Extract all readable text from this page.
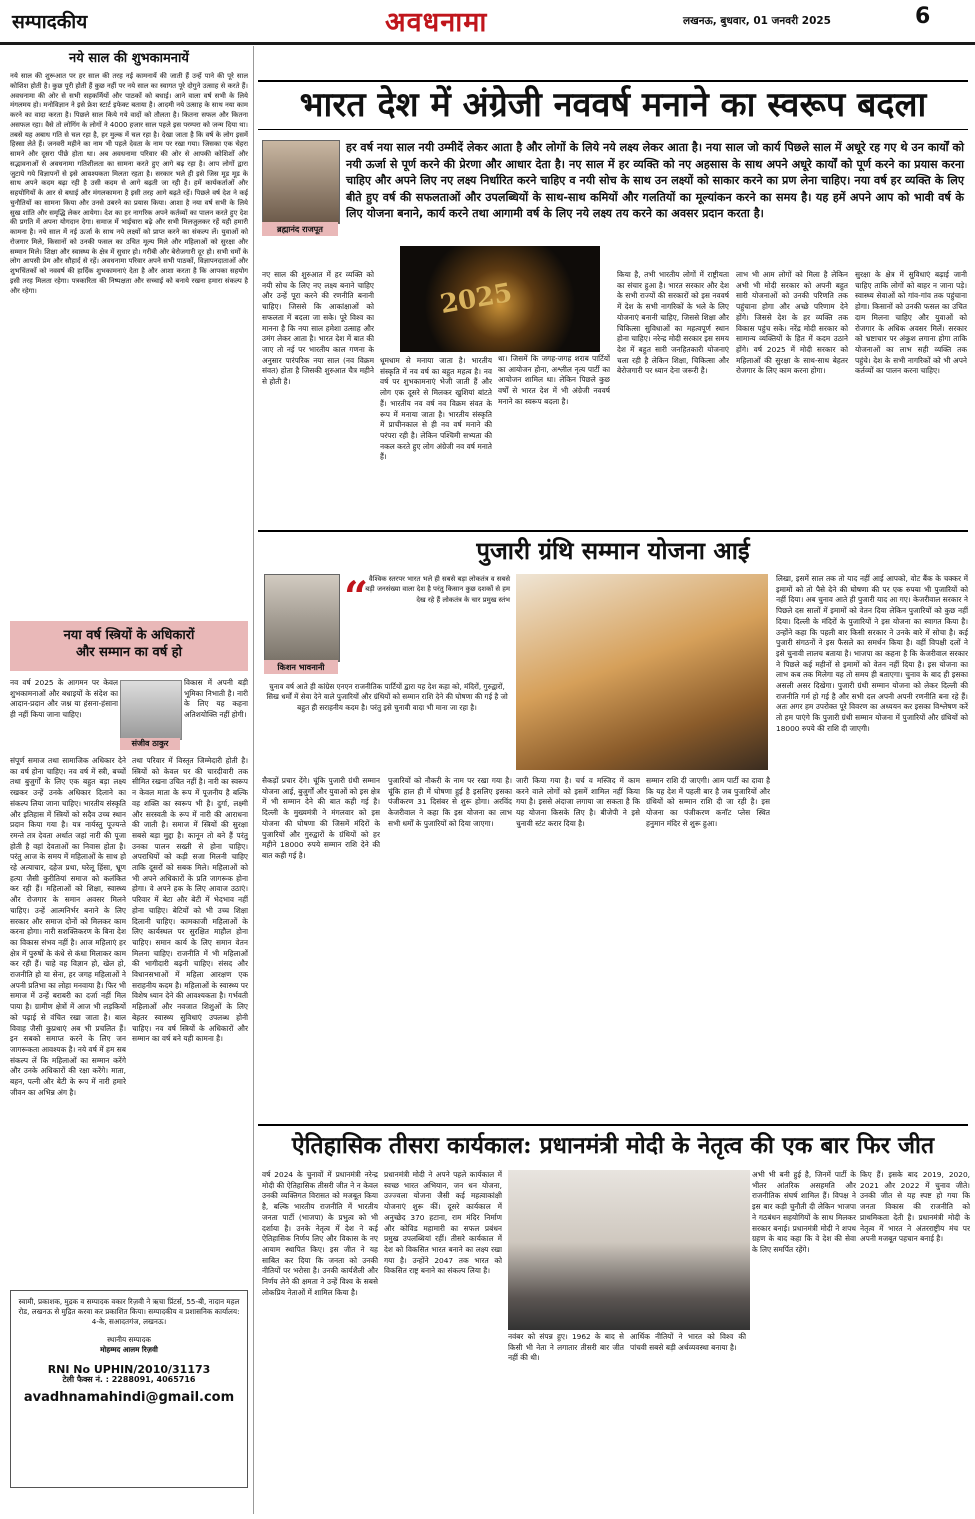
सम्पादकीय	अवधनामा	लखनऊ, बुधवार, 01 जनवरी 2025	6
नये साल की शुभकामनायें

नये साल की शुरूआत पर हर साल की तरह नई कामनायें की जाती हैं उन्हें पाने की पूरे साल कोशिश होती है। कुछ पूरी होती हैं कुछ नहीं पर नये साल का स्वागत पूरे दोगुने उत्साह से करते हैं। अवधनामा की ओर से सभी सहकर्मियों और पाठकों को बधाई। आने वाला वर्ष सभी के लिये मंगलमय हो। मनोविज्ञान ने इसे फ्रेश स्टार्ट इफेक्ट बताया है। आदमी नये उत्साह के साथ नया काम करने का वादा करता है। पिछले साल किये गये वादों को तौलता है। कितना सफल और कितना असफल रहा। वैसे तो लोगिंग के लोगों ने 4000 हजार साल पहले इस परम्परा को जन्म दिया था। तबसे यह अबाध गति से चल रहा है, हर मुल्क में चल रहा है। देखा जाता है कि वर्ष के लोग इसमें हिस्सा लेते हैं। जनवरी महीने का नाम भी पहले देवता के नाम पर रखा गया। जिसका एक चेहरा सामने और दूसरा पीछे होता था। अब अवधनामा परिवार की ओर से आपकी कोशिशों और सद्भावनाओं से अवधनामा गतिशीलता का सामना करते हुए आगे बढ़ रहा है। आप लोगों द्वारा जुटाये गये विज्ञापनों से इसे आवश्यकता मिलता रहता है। सरकार भले ही इसे जिस मूड मूड के साथ अपने कदम बढ़ा रही है उसी कदम से आगे बढ़ती जा रही है। हमें कार्यकर्ताओं और सहयोगियों के आर से बधाई और मंगलकामना है इसी तरह आगे बढ़ते रहें। पिछले वर्ष देश ने कई चुनौतियों का सामना किया और उनसे उबरने का प्रयास किया। आशा है नया वर्ष सभी के लिये सुख शांति और समृद्धि लेकर आयेगा। देश का हर नागरिक अपने कर्तव्यों का पालन करते हुए देश की प्रगति में अपना योगदान देगा। समाज में भाईचारा बढ़े और सभी मिलजुलकर रहें यही हमारी कामना है। नये साल में नई ऊर्जा के साथ नये लक्ष्यों को प्राप्त करने का संकल्प लें। युवाओं को रोजगार मिले, किसानों को उनकी फसल का उचित मूल्य मिले और महिलाओं को सुरक्षा और सम्मान मिले। शिक्षा और स्वास्थ्य के क्षेत्र में सुधार हो। गरीबी और बेरोजगारी दूर हो। सभी धर्मों के लोग आपसी प्रेम और सौहार्द से रहें। अवधनामा परिवार अपने सभी पाठकों, विज्ञापनदाताओं और शुभचिंतकों को नववर्ष की हार्दिक शुभकामनाएं देता है और आशा करता है कि आपका सहयोग इसी तरह मिलता रहेगा। पत्रकारिता की निष्पक्षता और सच्चाई को बनाये रखना हमारा संकल्प है और रहेगा।

नया वर्ष स्त्रियों के अधिकारों
और सम्मान का वर्ष हो
संजीव ठाकुर

नव वर्ष 2025 के आगमन पर केवल शुभकामनाओं और बधाइयों के संदेश का आदान-प्रदान और जश्न या हंसना-हंसाना ही नहीं किया जाना चाहिए।

विकास में अपनी बड़ी भूमिका निभाती है। नारी के लिए यह कहना अतिशयोक्ति नहीं होगी।

संपूर्ण समाज तथा सामाजिक अधिकार देने का वर्ष होना चाहिए। नव वर्ष में स्त्री, बच्चों तथा बुजुर्गों के लिए एक बहुत बड़ा लक्ष्य रखकर उन्हें उनके अधिकार दिलाने का संकल्प लिया जाना चाहिए। भारतीय संस्कृति और इतिहास में स्त्रियों को सदैव उच्च स्थान प्रदान किया गया है। यत्र नार्यस्तु पूज्यन्ते रमन्ते तत्र देवता अर्थात जहां नारी की पूजा होती है वहां देवताओं का निवास होता है। परंतु आज के समय में महिलाओं के साथ हो रहे अत्याचार, दहेज प्रथा, घरेलू हिंसा, भ्रूण हत्या जैसी कुरीतियां समाज को कलंकित कर रही हैं। महिलाओं को शिक्षा, स्वास्थ्य और रोजगार के समान अवसर मिलने चाहिए। उन्हें आत्मनिर्भर बनाने के लिए सरकार और समाज दोनों को मिलकर काम करना होगा। नारी सशक्तिकरण के बिना देश का विकास संभव नहीं है। आज महिलाएं हर क्षेत्र में पुरुषों के कंधे से कंधा मिलाकर काम कर रही हैं। चाहे वह विज्ञान हो, खेल हो, राजनीति हो या सेना, हर जगह महिलाओं ने अपनी प्रतिभा का लोहा मनवाया है। फिर भी समाज में उन्हें बराबरी का दर्जा नहीं मिल पाया है। ग्रामीण क्षेत्रों में आज भी लड़कियों को पढ़ाई से वंचित रखा जाता है। बाल विवाह जैसी कुप्रथाएं अब भी प्रचलित हैं। इन सबको समाप्त करने के लिए जन जागरूकता आवश्यक है। नये वर्ष में हम सब संकल्प लें कि महिलाओं का सम्मान करेंगे और उनके अधिकारों की रक्षा करेंगे। माता, बहन, पत्नी और बेटी के रूप में नारी हमारे जीवन का अभिन्न अंग है।

तथा परिवार में विस्तृत जिम्मेदारी होती है। स्त्रियों को केवल घर की चारदीवारी तक सीमित रखना उचित नहीं है। नारी का स्वरूप न केवल माता के रूप में पूजनीय है बल्कि वह शक्ति का स्वरूप भी है। दुर्गा, लक्ष्मी और सरस्वती के रूप में नारी की आराधना की जाती है। समाज में स्त्रियों की सुरक्षा सबसे बड़ा मुद्दा है। कानून तो बने हैं परंतु उनका पालन सख्ती से होना चाहिए। अपराधियों को कड़ी सजा मिलनी चाहिए ताकि दूसरों को सबक मिले। महिलाओं को भी अपने अधिकारों के प्रति जागरूक होना होगा। वे अपने हक के लिए आवाज उठाएं। परिवार में बेटा और बेटी में भेदभाव नहीं होना चाहिए। बेटियों को भी उच्च शिक्षा दिलानी चाहिए। कामकाजी महिलाओं के लिए कार्यस्थल पर सुरक्षित माहौल होना चाहिए। समान कार्य के लिए समान वेतन मिलना चाहिए। राजनीति में भी महिलाओं की भागीदारी बढ़नी चाहिए। संसद और विधानसभाओं में महिला आरक्षण एक सराहनीय कदम है। महिलाओं के स्वास्थ्य पर विशेष ध्यान देने की आवश्यकता है। गर्भवती महिलाओं और नवजात शिशुओं के लिए बेहतर स्वास्थ्य सुविधाएं उपलब्ध होनी चाहिए। नव वर्ष स्त्रियों के अधिकारों और सम्मान का वर्ष बने यही कामना है।

स्वामी, प्रकाशक, मुद्रक व सम्पादक वकार रिज़वी ने ऋचा प्रिंटर्स, 55-बी, नादान महल रोड, लखनऊ से मुद्रित करवा कर प्रकाशित किया। सम्पादकीय व प्रशासनिक कार्यालय: 4-के, सआदतगंज, लखनऊ।
स्थानीय सम्पादक
मोहम्मद आलम रिज़वी
RNI No UPHIN/2010/31173
टेली फैक्स नं. : 2288091, 4065716
avadhnamahindi@gmail.com
भारत देश में अंग्रेजी नववर्ष मनाने का स्वरूप बदला
ब्रह्मानंद राजपूत
हर वर्ष नया साल नयी उम्मीदें लेकर आता है और लोगों के लिये नये लक्ष्य लेकर आता है। नया साल जो कार्य पिछले साल में अधूरे रह गए थे उन कार्यों को नयी ऊर्जा से पूर्ण करने की प्रेरणा और आधार देता है। नए साल में हर व्यक्ति को नए अहसास के साथ अपने अधूरे कार्यों को पूर्ण करने का प्रयास करना चाहिए और अपने लिए नए लक्ष्य निर्धारित करने चाहिए व नयी सोच के साथ उन लक्ष्यों को साकार करने का प्रण लेना चाहिए। नया वर्ष हर व्यक्ति के लिए बीते हुए वर्ष की सफलताओं और उपलब्धियों के साथ-साथ कमियों और गलतियों का मूल्यांकन करने का समय है। यह हमें अपने आप को भावी वर्ष के लिए योजना बनाने, कार्य करने तथा आगामी वर्ष के लिए नये लक्ष्य तय करने का अवसर प्रदान करता है।

नए साल की शुरुआत में हर व्यक्ति को नयी सोच के लिए नए लक्ष्य बनाने चाहिए और उन्हें पूरा करने की रणनीति बनानी चाहिए। जिससे कि आकांक्षाओं को सफलता में बदला जा सके। पूरे विश्व का मानना है कि नया साल हमेशा उत्साह और उमंग लेकर आता है। भारत देश में बात की जाए तो नई पर भारतीय काल गणना के अनुसार पारंपरिक नया साल (नव विक्रम संवत) होता है जिसकी शुरुआत चैत्र महीने से होती है।

2025

धूमधाम से मनाया जाता है। भारतीय संस्कृति में नव वर्ष का बहुत महत्व है। नव वर्ष पर शुभकामनाएं भेजी जाती हैं और लोग एक दूसरे से मिलकर खुशियां बांटते हैं। भारतीय नव वर्ष नव विक्रम संवत के रूप में मनाया जाता है। भारतीय संस्कृति में प्राचीनकाल से ही नव वर्ष मनाने की परंपरा रही है। लेकिन पश्चिमी सभ्यता की नकल करते हुए लोग अंग्रेजी नव वर्ष मनाते हैं।

था। जिसमें कि जगह-जगह शराब पार्टियों का आयोजन होना, अश्लील नृत्य पार्टी का आयोजन शामिल था। लेकिन पिछले कुछ वर्षों से भारत देश में भी अंग्रेजी नववर्ष मनाने का स्वरूप बदला है।

किया है, तभी भारतीय लोगों में राष्ट्रीयता का संचार हुआ है। भारत सरकार और देश के सभी राज्यों की सरकारों को इस नववर्ष में देश के सभी नागरिकों के भले के लिए योजनाएं बनानी चाहिए, जिससे शिक्षा और चिकित्सा सुविधाओं का महत्वपूर्ण स्थान होना चाहिए। नरेन्द्र मोदी सरकार इस समय देश में बहुत सारी जनहितकारी योजनाएं चला रही है लेकिन शिक्षा, चिकित्सा और बेरोजगारी पर ध्यान देना जरूरी है।

लाभ भी आम लोगों को मिला है लेकिन अभी भी मोदी सरकार को अपनी बहुत सारी योजनाओं को उनकी परिणति तक पहुंचाना होगा और अच्छे परिणाम देने होंगे। जिससे देश के हर व्यक्ति तक विकास पहुंच सके। नरेंद्र मोदी सरकार को सामान्य व्यक्तियों के हित में कदम उठाने होंगे। वर्ष 2025 में मोदी सरकार को महिलाओं की सुरक्षा के साथ-साथ बेहतर रोजगार के लिए काम करना होगा।

सुरक्षा के क्षेत्र में सुविधाएं बढ़ाई जानी चाहिए ताकि लोगों को बाहर न जाना पड़े। स्वास्थ्य सेवाओं को गांव-गांव तक पहुंचाना होगा। किसानों को उनकी फसल का उचित दाम मिलना चाहिए और युवाओं को रोजगार के अधिक अवसर मिलें। सरकार को भ्रष्टाचार पर अंकुश लगाना होगा ताकि योजनाओं का लाभ सही व्यक्ति तक पहुंचे। देश के सभी नागरिकों को भी अपने कर्तव्यों का पालन करना चाहिए।

पुजारी ग्रंथि सम्मान योजना आई
किशन भावनानी
“ वैश्विक स्तरपर भारत भले ही सबसे बड़ा लोकतंत्र व सबसे बड़ी जनसंख्या वाला देश है परंतु किसान कुछ दशकों से हम देख रहे हैं लोकतंत्र के चार प्रमुख स्तंभ
चुनाव वर्ष आते ही कांग्रेस एनएन राजनीतिक पार्टियों द्वारा यह देश कहा को, मंदिरों, गुरुद्वारों, सिख धर्मों में सेवा देने वाले पुजारियों और ग्रंथियों को सम्मान राशि देने की घोषणा की गई है जो बहुत ही सराहनीय कदम है। परंतु इसे चुनावी वादा भी माना जा रहा है।

सैकड़ों प्रचार देंगे। चूंकि पुजारी ग्रंथी सम्मान योजना आई, बुजुर्गों और युवाओं को इस क्षेत्र में भी सम्मान देने की बात कही गई है। दिल्ली के मुख्यमंत्री ने मंगलवार को इस योजना की घोषणा की जिसमें मंदिरों के पुजारियों और गुरुद्वारों के ग्रंथियों को हर महीने 18000 रुपये सम्मान राशि देने की बात कही गई है।

पुजारियों को नौकरी के नाम पर रखा गया है। चूंकि हाल ही में घोषणा हुई है इसलिए इसका पंजीकरण 31 दिसंबर से शुरू होगा। अरविंद केजरीवाल ने कहा कि इस योजना का लाभ सभी धर्मों के पुजारियों को दिया जाएगा।

जारी किया गया है। चर्च व मस्जिद में काम करने वाले लोगों को इसमें शामिल नहीं किया गया है। इससे अंदाजा लगाया जा सकता है कि यह योजना किसके लिए है। बीजेपी ने इसे चुनावी स्टंट करार दिया है।

सम्मान राशि दी जाएगी। आम पार्टी का दावा है कि यह देश में पहली बार है जब पुजारियों और ग्रंथियों को सम्मान राशि दी जा रही है। इस योजना का पंजीकरण कनॉट प्लेस स्थित हनुमान मंदिर से शुरू हुआ।

लिखा, इसमें साल तक तो याद नहीं आई आपको, वोट बैंक के चक्कर में इमामों को तो पैसे देने की घोषणा की पर एक रुपया भी पुजारियों को नहीं दिया। अब चुनाव आते ही पुजारी याद आ गए। केजरीवाल सरकार ने पिछले दस सालों में इमामों को वेतन दिया लेकिन पुजारियों को कुछ नहीं दिया। दिल्ली के मंदिरों के पुजारियों ने इस योजना का स्वागत किया है। उन्होंने कहा कि पहली बार किसी सरकार ने उनके बारे में सोचा है। कई पुजारी संगठनों ने इस फैसले का समर्थन किया है। वहीं विपक्षी दलों ने इसे चुनावी लालच बताया है। भाजपा का कहना है कि केजरीवाल सरकार ने पिछले कई महीनों से इमामों को वेतन नहीं दिया है। इस योजना का लाभ कब तक मिलेगा यह तो समय ही बताएगा। चुनाव के बाद ही इसका असली असर दिखेगा। पुजारी ग्रंथी सम्मान योजना को लेकर दिल्ली की राजनीति गर्म हो गई है और सभी दल अपनी अपनी रणनीति बना रहे हैं। अतः अगर हम उपरोक्त पूरे विवरण का अध्ययन कर इसका विश्लेषण करें तो हम पाएंगे कि पुजारी ग्रंथी सम्मान योजना में पुजारियों और ग्रंथियों को 18000 रुपये की राशि दी जाएगी।

ऐतिहासिक तीसरा कार्यकाल: प्रधानमंत्री मोदी के नेतृत्व की एक बार फिर जीत

वर्ष 2024 के चुनावों में प्रधानमंत्री नरेन्द्र मोदी की ऐतिहासिक तीसरी जीत ने न केवल उनकी व्यक्तिगत विरासत को मजबूत किया है, बल्कि भारतीय राजनीति में भारतीय जनता पार्टी (भाजपा) के प्रभुत्व को भी दर्शाया है। उनके नेतृत्व में देश ने कई ऐतिहासिक निर्णय लिए और विकास के नए आयाम स्थापित किए। इस जीत ने यह साबित कर दिया कि जनता को उनकी नीतियों पर भरोसा है। उनकी कार्यशैली और निर्णय लेने की क्षमता ने उन्हें विश्व के सबसे लोकप्रिय नेताओं में शामिल किया है।

प्रधानमंत्री मोदी ने अपने पहले कार्यकाल में स्वच्छ भारत अभियान, जन धन योजना, उज्ज्वला योजना जैसी कई महत्वाकांक्षी योजनाएं शुरू कीं। दूसरे कार्यकाल में अनुच्छेद 370 हटाना, राम मंदिर निर्माण और कोविड महामारी का सफल प्रबंधन प्रमुख उपलब्धियां रहीं। तीसरे कार्यकाल में देश को विकसित भारत बनाने का लक्ष्य रखा गया है। उन्होंने 2047 तक भारत को विकसित राष्ट्र बनाने का संकल्प लिया है।

नवंबर को संपन्न हुए। 1962 के बाद से किसी भी नेता ने लगातार तीसरी बार जीत नहीं की थी।

आर्थिक नीतियों ने भारत को विश्व की पांचवी सबसे बड़ी अर्थव्यवस्था बनाया है।

अभी भी बनी हुई है, जिनमें पार्टी के भीतर आंतरिक असहमति और राजनीतिक संघर्ष शामिल हैं। विपक्ष ने इस बार कड़ी चुनौती दी लेकिन भाजपा ने गठबंधन सहयोगियों के साथ मिलकर सरकार बनाई। प्रधानमंत्री मोदी ने शपथ ग्रहण के बाद कहा कि वे देश की सेवा के लिए समर्पित रहेंगे।

किए हैं। इसके बाद 2019, 2020, 2021 और 2022 में चुनाव जीते। उनकी जीत से यह स्पष्ट हो गया कि जनता विकास की राजनीति को प्राथमिकता देती है। प्रधानमंत्री मोदी के नेतृत्व में भारत ने अंतरराष्ट्रीय मंच पर अपनी मजबूत पहचान बनाई है।
